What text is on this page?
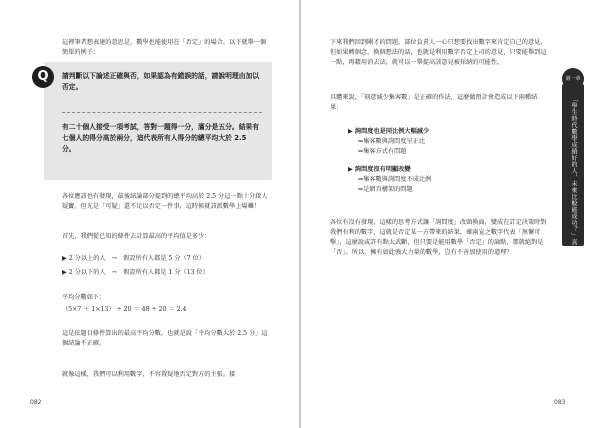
這裡筆者想表達的意思是，數學也能使用在「否定」的場合。以下就舉一個簡單的例子：

請判斷以下論述正確與否，如果認為有錯誤的話，請說明理由加以否定。

有二十個人接受一項考試，答對一題得一分，滿分是五分。結果有七個人的得分高於兩分，這代表所有人得分的總平均大於 2.5 分。

Q

各位應該也有發現，最後結論部分提到的總平均高於 2.5 分這一點十分啟人疑竇。但光是「可疑」還不足以否定一件事，這時候就該派數學上場囉！

首先，我們從已知的條件去計算最高的平均值是多少：

▶ 2 分以上的人　→　假設所有人都是 5 分（7 位）

▶ 2 分以下的人　→　假設所有人都是 1 分（13 位）

平均分數如下：

（5×7 ＋ 1×13） ÷ 20 ＝ 48 ÷ 20 ＝ 2.4

這是依題目條件算出的最高平均分數。也就是說「平均分數大於 2.5 分」這個結論不正確。

就像這樣，我們可以利用數字，不容置疑地否定對方的主張。接

082

下來我們回到剛才的問題，部位負責人一心只想要找出數字來肯定自己的意見，但如果轉個念，換個想法的話，也就是利用數字否定上司的意見，只要能舉到這一點，再藉用消去法，就可以一舉提高該意見被採納的可能性。

具體來說，「刻意減少集客數」是正確的作法，這麼做預計會造成以下兩種結果：

▶ 詢問度也是同比例大幅減少

⇒集客數與詢問度呈正比

⇒集客方式有問題

▶ 詢問度沒有明顯改變

⇒集客數與詢問度不成比例

⇒是網頁構架的問題

各位有沒有發現，這樣的思考方式讓「詢問度」改頭換面，變成在訂定決策時對我們有利的數字，這就是否定某一方帶來的結果，確兩宣之數字代表「無懈可擊」，這麼說或許有點太武斷，但只要是能用數學「否定」的論點，那就絕對是「否」。所以，擁有如此強大力量的數學，豈有不善加使用的道理？

第一章
「學生時代數學成績好的人，未來比較能成功？」真實原因說明
083
